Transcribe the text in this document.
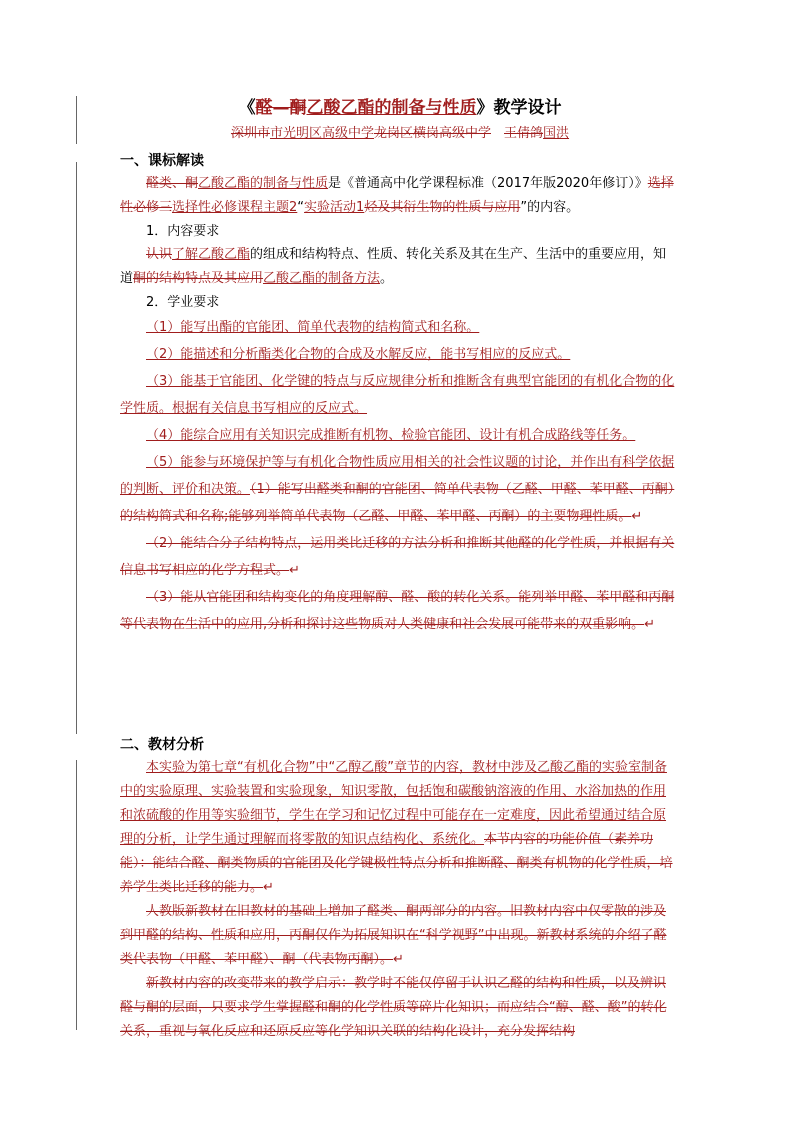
《醛—酮乙酸乙酯的制备与性质》教学设计
深圳市市光明区高级中学龙岗区横岗高级中学　 王倩鸽国洪

一、课标解读

醛类、酮乙酸乙酯的制备与性质是《普通高中化学课程标准（2017年版2020年修订）》选择性必修三选择性必修课程主题2“实验活动1烃及其衍生物的性质与应用”的内容。

1．内容要求

认识了解乙酸乙酯的组成和结构特点、性质、转化关系及其在生产、生活中的重要应用，知道酮的结构特点及其应用乙酸乙酯的制备方法。

2．学业要求

（1）能写出酯的官能团、简单代表物的结构简式和名称。

（2）能描述和分析酯类化合物的合成及水解反应，能书写相应的反应式。

（3）能基于官能团、化学键的特点与反应规律分析和推断含有典型官能团的有机化合物的化学性质。根据有关信息书写相应的反应式。

（4）能综合应用有关知识完成推断有机物、检验官能团、设计有机合成路线等任务。

（5）能参与环境保护等与有机化合物性质应用相关的社会性议题的讨论，并作出有科学依据的判断、评价和决策。（1）能写出醛类和酮的官能团、简单代表物（乙醛、甲醛、苯甲醛、丙酮）的结构简式和名称;能够列举简单代表物（乙醛、甲醛、苯甲醛、丙酮）的主要物理性质。↵

（2）能结合分子结构特点，运用类比迁移的方法分析和推断其他醛的化学性质，并根据有关信息书写相应的化学方程式。↵

（3）能从官能团和结构变化的角度理解醇、醛、酸的转化关系。能列举甲醛、苯甲醛和丙酮等代表物在生活中的应用,分析和探讨这些物质对人类健康和社会发展可能带来的双重影响。↵

二、教材分析

本实验为第七章“有机化合物”中“乙醇乙酸”章节的内容，教材中涉及乙酸乙酯的实验室制备中的实验原理、实验装置和实验现象，知识零散，包括饱和碳酸钠溶液的作用、水浴加热的作用和浓硫酸的作用等实验细节，学生在学习和记忆过程中可能存在一定难度，因此希望通过结合原理的分析，让学生通过理解而将零散的知识点结构化、系统化。本节内容的功能价值（素养功能）：能结合醛、酮类物质的官能团及化学键极性特点分析和推断醛、酮类有机物的化学性质，培养学生类比迁移的能力。↵

人教版新教材在旧教材的基础上增加了醛类、酮两部分的内容。旧教材内容中仅零散的涉及到甲醛的结构、性质和应用，丙酮仅作为拓展知识在“科学视野”中出现。新教材系统的介绍了醛类代表物（甲醛、苯甲醛）、酮（代表物丙酮）。↵

新教材内容的改变带来的教学启示：教学时不能仅停留于认识乙醛的结构和性质，以及辨识醛与酮的层面，只要求学生掌握醛和酮的化学性质等碎片化知识；而应结合“醇、醛、酸”的转化关系，重视与氧化反应和还原反应等化学知识关联的结构化设计，充分发挥结构
